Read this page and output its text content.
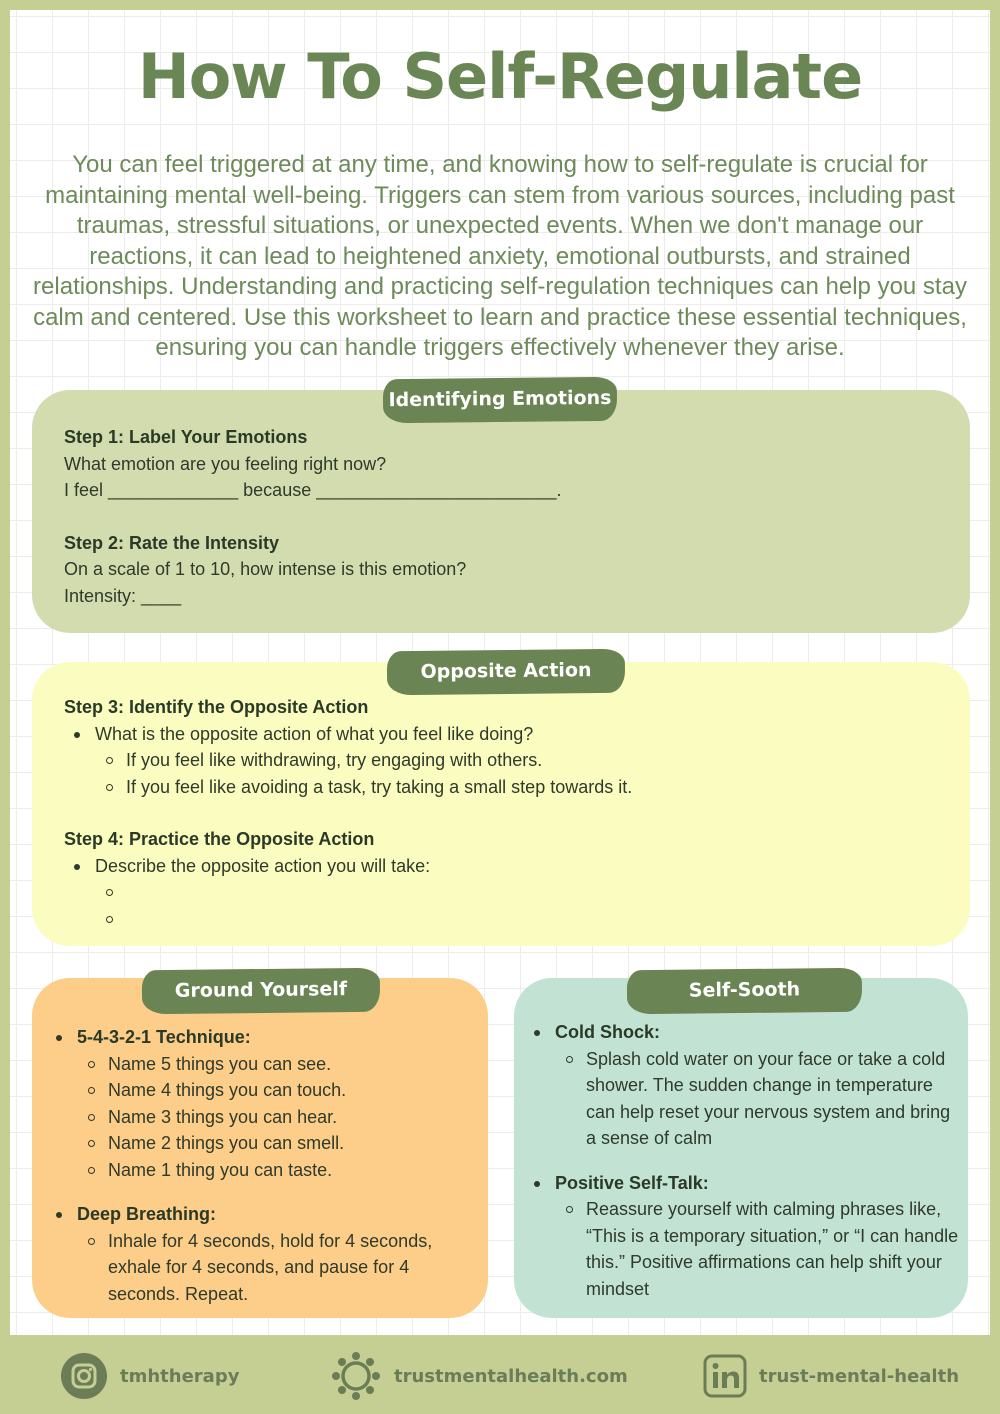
How To Self-Regulate

You can feel triggered at any time, and knowing how to self-regulate is crucial for maintaining mental well-being. Triggers can stem from various sources, including past traumas, stressful situations, or unexpected events. When we don't manage our reactions, it can lead to heightened anxiety, emotional outbursts, and strained relationships. Understanding and practicing self-regulation techniques can help you stay calm and centered. Use this worksheet to learn and practice these essential techniques, ensuring you can handle triggers effectively whenever they arise.

Identifying Emotions
Step 1: Label Your Emotions
What emotion are you feeling right now?
I feel _____________ because ________________________.
Step 2: Rate the Intensity
On a scale of 1 to 10, how intense is this emotion?
Intensity: ____
Opposite Action
Step 3: Identify the Opposite Action
What is the opposite action of what you feel like doing?
If you feel like withdrawing, try engaging with others.
If you feel like avoiding a task, try taking a small step towards it.
Step 4: Practice the Opposite Action
Describe the opposite action you will take:

Ground Yourself
5-4-3-2-1 Technique:
Name 5 things you can see.
Name 4 things you can touch.
Name 3 things you can hear.
Name 2 things you can smell.
Name 1 thing you can taste.
Deep Breathing:
Inhale for 4 seconds, hold for 4 seconds, exhale for 4 seconds, and pause for 4 seconds. Repeat.
Self-Sooth
Cold Shock:
Splash cold water on your face or take a cold shower. The sudden change in temperature can help reset your nervous system and bring a sense of calm
Positive Self-Talk:
Reassure yourself with calming phrases like, “This is a temporary situation,” or “I can handle this.” Positive affirmations can help shift your mindset
tmhtherapy	trustmentalhealth.com	trust-mental-health
